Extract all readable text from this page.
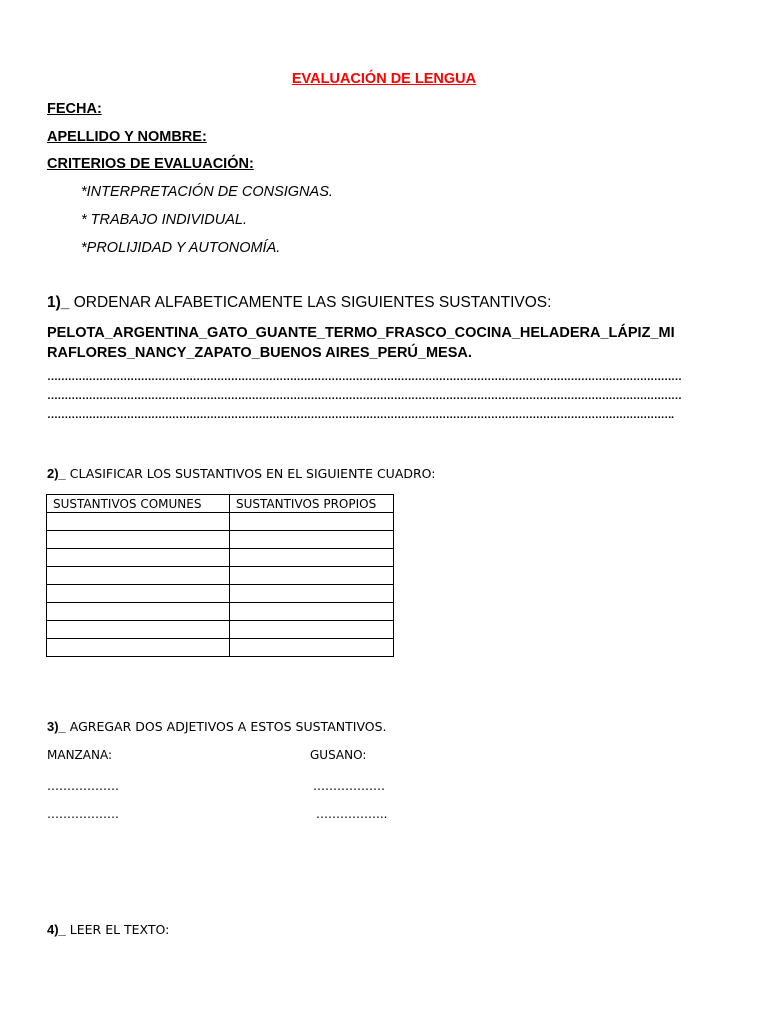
EVALUACIÓN DE LENGUA
FECHA:
APELLIDO Y NOMBRE:
CRITERIOS DE EVALUACIÓN:
*INTERPRETACIÓN DE CONSIGNAS.
* TRABAJO INDIVIDUAL.
*PROLIJIDAD Y AUTONOMÍA.
1)_ ORDENAR ALFABETICAMENTE LAS SIGUIENTES SUSTANTIVOS:
PELOTA_ARGENTINA_GATO_GUANTE_TERMO_FRASCO_COCINA_HELADERA_LÁPIZ_MI
RAFLORES_NANCY_ZAPATO_BUENOS AIRES_PERÚ_MESA.
…………………………………………………………………………………………………………………………………………………………………
…………………………………………………………………………………………………………………………………………………………………
……………………………………………………………………………………………………………………………………………………………….
2)_ CLASIFICAR LOS SUSTANTIVOS EN EL SIGUIENTE CUADRO:
SUSTANTIVOS COMUNES	SUSTANTIVOS PROPIOS

3)_ AGREGAR DOS ADJETIVOS A ESTOS SUSTANTIVOS.
MANZANA:	GUSANO:
………………	………………
………………	……………...
4)_ LEER EL TEXTO:
